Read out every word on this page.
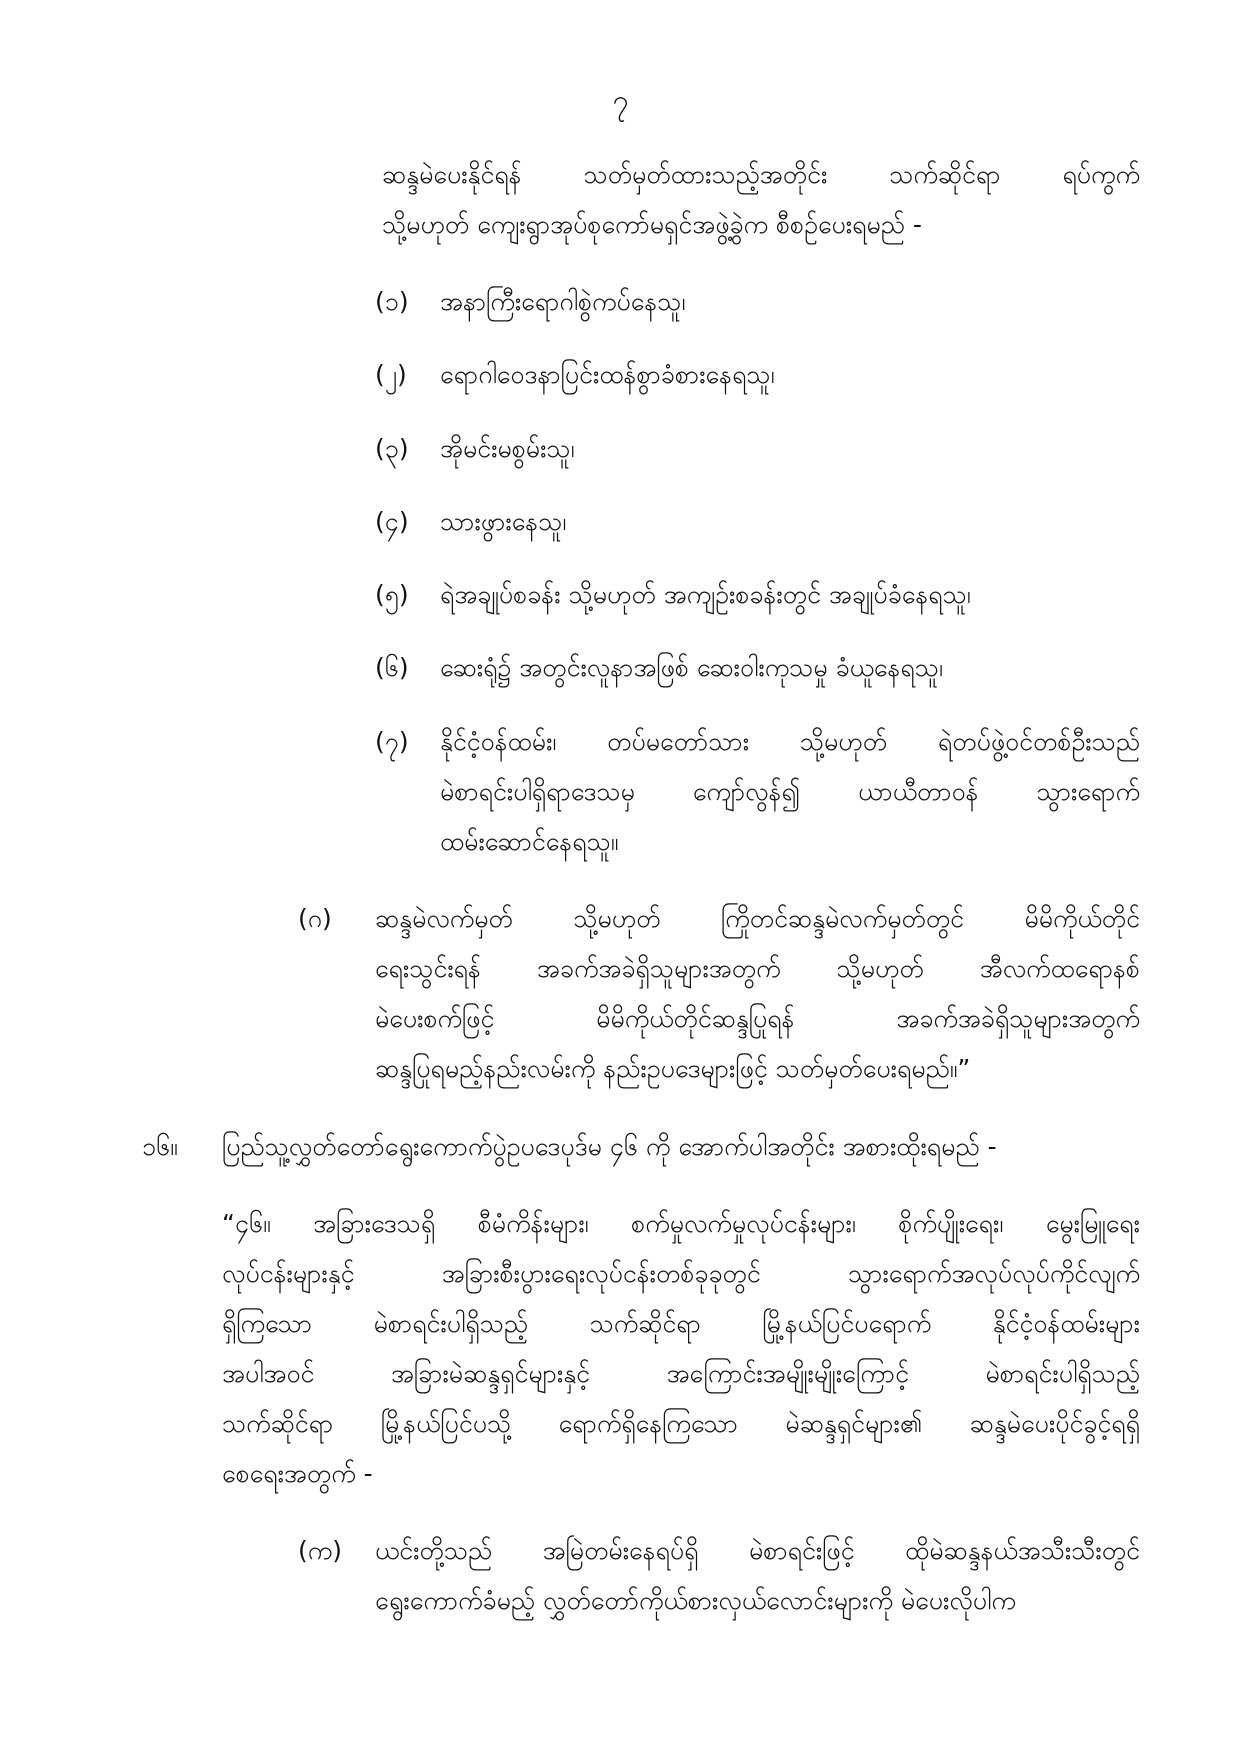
၇
ဆန္ဒမဲပေးနိုင်ရန် သတ်မှတ်ထားသည့်အတိုင်း သက်ဆိုင်ရာ ရပ်ကွက်
သို့မဟုတ် ကျေးရွာအုပ်စုကော်မရှင်အဖွဲ့ခွဲက စီစဉ်ပေးရမည် -
(၁) အနာကြီးရောဂါစွဲကပ်နေသူ၊
(၂) ရောဂါဝေဒနာပြင်းထန်စွာခံစားနေရသူ၊
(၃) အိုမင်းမစွမ်းသူ၊
(၄) သားဖွားနေသူ၊
(၅) ရဲအချုပ်စခန်း သို့မဟုတ် အကျဉ်းစခန်းတွင် အချုပ်ခံနေရသူ၊
(၆) ဆေးရုံ၌ အတွင်းလူနာအဖြစ် ဆေးဝါးကုသမှု ခံယူနေရသူ၊
(၇) နိုင်ငံ့ဝန်ထမ်း၊ တပ်မတော်သား သို့မဟုတ် ရဲတပ်ဖွဲ့ဝင်တစ်ဦးသည်
မဲစာရင်းပါရှိရာဒေသမှ ကျော်လွန်၍ ယာယီတာဝန် သွားရောက်
ထမ်းဆောင်နေရသူ။
(ဂ) ဆန္ဒမဲလက်မှတ် သို့မဟုတ် ကြိုတင်ဆန္ဒမဲလက်မှတ်တွင် မိမိကိုယ်တိုင်
ရေးသွင်းရန် အခက်အခဲရှိသူများအတွက် သို့မဟုတ် အီလက်ထရောနစ်
မဲပေးစက်ဖြင့် မိမိကိုယ်တိုင်ဆန္ဒပြုရန် အခက်အခဲရှိသူများအတွက်
ဆန္ဒပြုရမည့်နည်းလမ်းကို နည်းဥပဒေများဖြင့် သတ်မှတ်ပေးရမည်။”
၁၆။ ပြည်သူ့လွှတ်တော်ရွေးကောက်ပွဲဥပဒေပုဒ်မ ၄၆ ကို အောက်ပါအတိုင်း အစားထိုးရမည် -
“၄၆။ အခြားဒေသရှိ စီမံကိန်းများ၊ စက်မှုလက်မှုလုပ်ငန်းများ၊ စိုက်ပျိုးရေး၊ မွေးမြူရေး
လုပ်ငန်းများနှင့် အခြားစီးပွားရေးလုပ်ငန်းတစ်ခုခုတွင် သွားရောက်အလုပ်လုပ်ကိုင်လျက်
ရှိကြသော မဲစာရင်းပါရှိသည့် သက်ဆိုင်ရာ မြို့နယ်ပြင်ပရောက် နိုင်ငံ့ဝန်ထမ်းများ
အပါအဝင် အခြားမဲဆန္ဒရှင်များနှင့် အကြောင်းအမျိုးမျိုးကြောင့် မဲစာရင်းပါရှိသည့်
သက်ဆိုင်ရာ မြို့နယ်ပြင်ပသို့ ရောက်ရှိနေကြသော မဲဆန္ဒရှင်များ၏ ဆန္ဒမဲပေးပိုင်ခွင့်ရရှိ
စေရေးအတွက် -
(က) ယင်းတို့သည် အမြဲတမ်းနေရပ်ရှိ မဲစာရင်းဖြင့် ထိုမဲဆန္ဒနယ်အသီးသီးတွင်
ရွေးကောက်ခံမည့် လွှတ်တော်ကိုယ်စားလှယ်လောင်းများကို မဲပေးလိုပါက
